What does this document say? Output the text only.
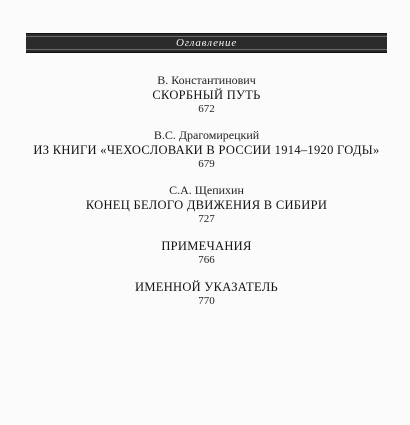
Оглавление
В. Константинович
СКОРБНЫЙ ПУТЬ
672
В.С. Драгомирецкий
ИЗ КНИГИ «ЧЕХОСЛОВАКИ В РОССИИ 1914–1920 ГОДЫ»
679
С.А. Щепихин
КОНЕЦ БЕЛОГО ДВИЖЕНИЯ В СИБИРИ
727
ПРИМЕЧАНИЯ
766
ИМЕННОЙ УКАЗАТЕЛЬ
770
